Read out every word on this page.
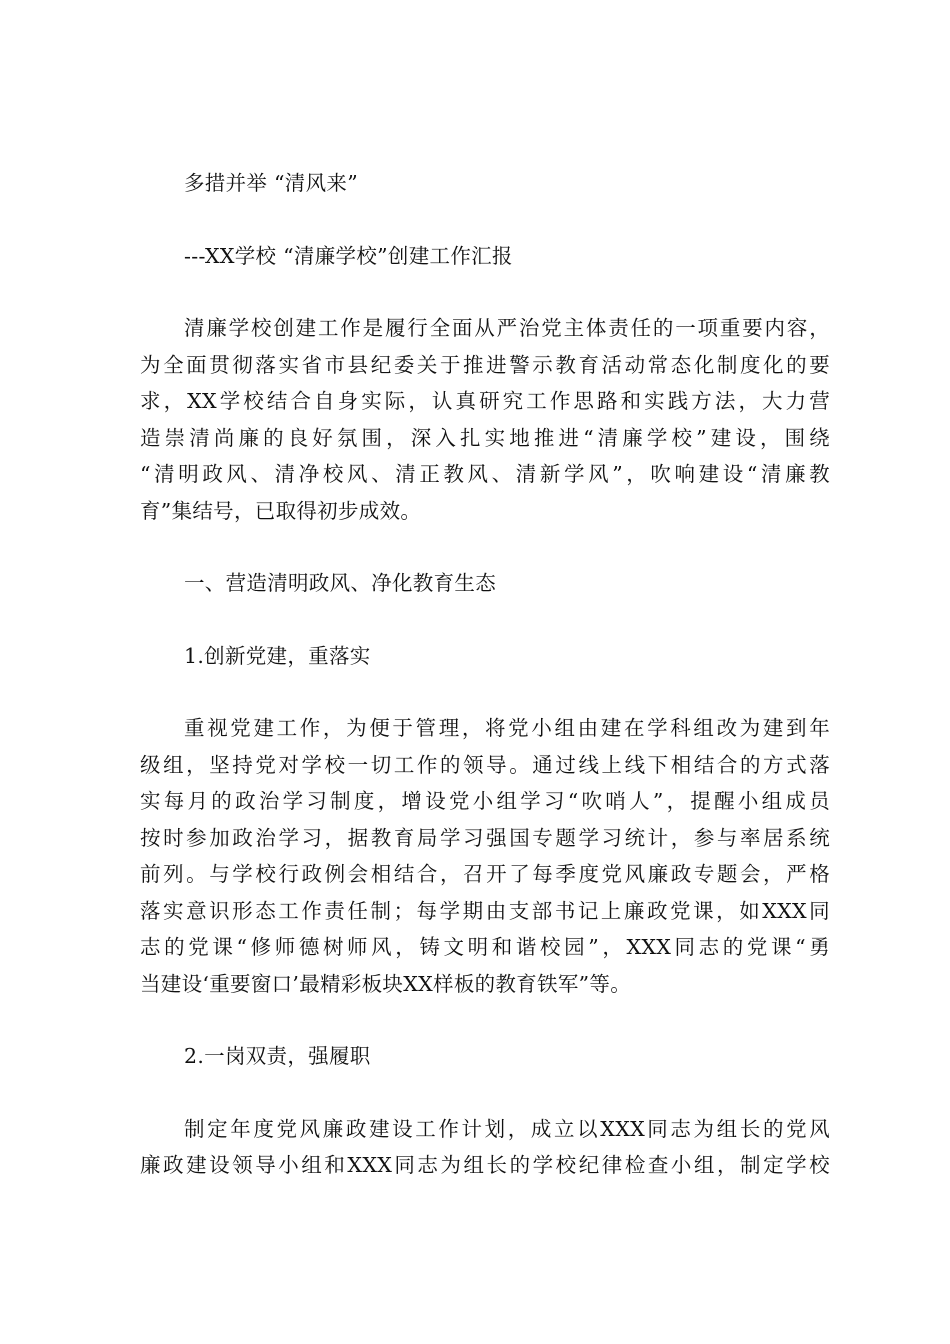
多措并举 “清风来”
---XX学校 “清廉学校”创建工作汇报
清廉学校创建工作是履行全面从严治党主体责任的一项重要内容，
为全面贯彻落实省市县纪委关于推进警示教育活动常态化制度化的要
求，XX学校结合自身实际，认真研究工作思路和实践方法，大力营
造崇清尚廉的良好氛围，深入扎实地推进“清廉学校”建设，围绕
“清明政风、清净校风、清正教风、清新学风”，吹响建设“清廉教
育”集结号，已取得初步成效。
一、营造清明政风、净化教育生态
1.创新党建，重落实
重视党建工作，为便于管理，将党小组由建在学科组改为建到年
级组，坚持党对学校一切工作的领导。通过线上线下相结合的方式落
实每月的政治学习制度，增设党小组学习“吹哨人”，提醒小组成员
按时参加政治学习，据教育局学习强国专题学习统计，参与率居系统
前列。与学校行政例会相结合，召开了每季度党风廉政专题会，严格
落实意识形态工作责任制；每学期由支部书记上廉政党课，如XXX同
志的党课“修师德树师风，铸文明和谐校园”，XXX同志的党课“勇
当建设‘重要窗口’最精彩板块XX样板的教育铁军”等。
2.一岗双责，强履职
制定年度党风廉政建设工作计划，成立以XXX同志为组长的党风
廉政建设领导小组和XXX同志为组长的学校纪律检查小组，制定学校
